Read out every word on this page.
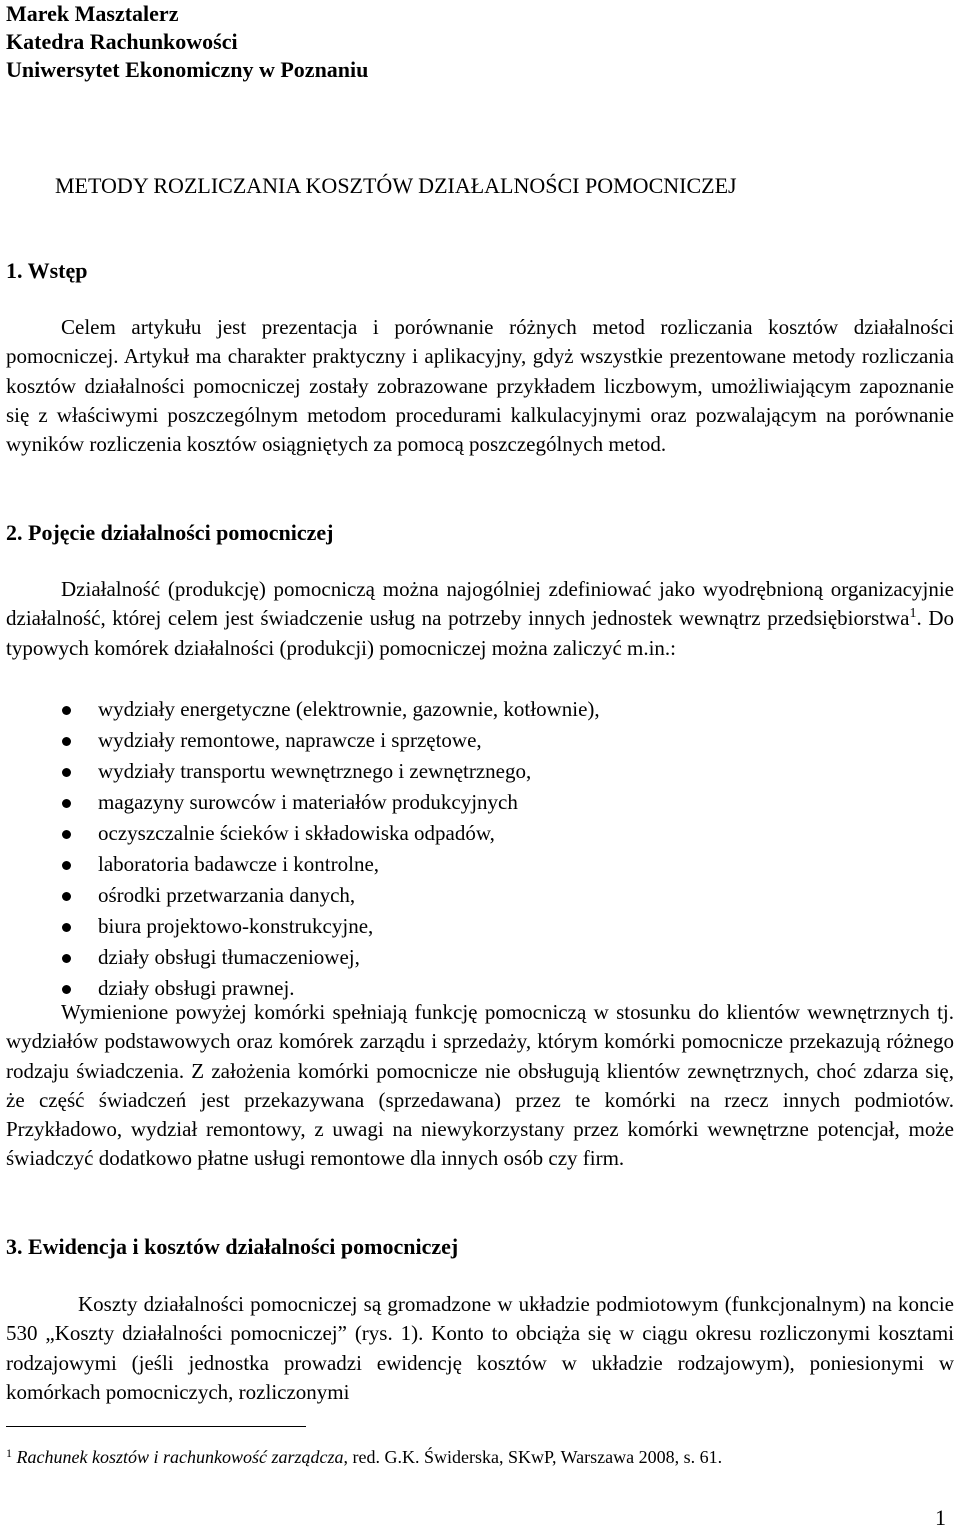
Marek Masztalerz
Katedra Rachunkowości
Uniwersytet Ekonomiczny w Poznaniu
METODY ROZLICZANIA KOSZTÓW DZIAŁALNOŚCI POMOCNICZEJ
1. Wstęp

Celem artykułu jest prezentacja i porównanie różnych metod rozliczania kosztów działalności pomocniczej. Artykuł ma charakter praktyczny i aplikacyjny, gdyż wszystkie prezentowane metody rozliczania kosztów działalności pomocniczej zostały zobrazowane przykładem liczbowym, umożliwiającym zapoznanie się z właściwymi poszczególnym metodom procedurami kalkulacyjnymi oraz pozwalającym na porównanie wyników rozliczenia kosztów osiągniętych za pomocą poszczególnych metod.

2. Pojęcie działalności pomocniczej

Działalność (produkcję) pomocniczą można najogólniej zdefiniować jako wyodrębnioną organizacyjnie działalność, której celem jest świadczenie usług na potrzeby innych jednostek wewnątrz przedsiębiorstwa$^1$. Do typowych komórek działalności (produkcji) pomocniczej można zaliczyć m.in.:

wydziały energetyczne (elektrownie, gazownie, kotłownie),
wydziały remontowe, naprawcze i sprzętowe,
wydziały transportu wewnętrznego i zewnętrznego,
magazyny surowców i materiałów produkcyjnych
oczyszczalnie ścieków i składowiska odpadów,
laboratoria badawcze i kontrolne,
ośrodki przetwarzania danych,
biura projektowo-konstrukcyjne,
działy obsługi tłumaczeniowej,
działy obsługi prawnej.

Wymienione powyżej komórki spełniają funkcję pomocniczą w stosunku do klientów wewnętrznych tj. wydziałów podstawowych oraz komórek zarządu i sprzedaży, którym komórki pomocnicze przekazują różnego rodzaju świadczenia. Z założenia komórki pomocnicze nie obsługują klientów zewnętrznych, choć zdarza się, że część świadczeń jest przekazywana (sprzedawana) przez te komórki na rzecz innych podmiotów. Przykładowo, wydział remontowy, z uwagi na niewykorzystany przez komórki wewnętrzne potencjał, może świadczyć dodatkowo płatne usługi remontowe dla innych osób czy firm.

3. Ewidencja i kosztów działalności pomocniczej

Koszty działalności pomocniczej są gromadzone w układzie podmiotowym (funkcjonalnym) na koncie 530 „Koszty działalności pomocniczej” (rys. 1). Konto to obciąża się w ciągu okresu rozliczonymi kosztami rodzajowymi (jeśli jednostka prowadzi ewidencję kosztów w układzie rodzajowym), poniesionymi w komórkach pomocniczych, rozliczonymi

$^1$ Rachunek kosztów i rachunkowość zarządcza, red. G.K. Świderska, SKwP, Warszawa 2008, s. 61.
1
